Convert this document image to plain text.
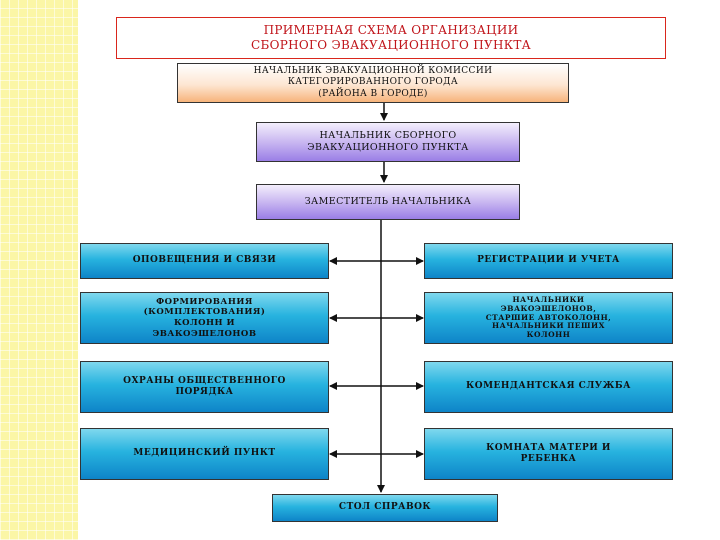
ПРИМЕРНАЯ СХЕМА ОРГАНИЗАЦИИ
СБОРНОГО ЭВАКУАЦИОННОГО ПУНКТА
НАЧАЛЬНИК ЭВАКУАЦИОННОЙ КОМИССИИ
КАТЕГОРИРОВАННОГО ГОРОДА
(РАЙОНА В ГОРОДЕ)
НАЧАЛЬНИК СБОРНОГО
ЭВАКУАЦИОННОГО ПУНКТА
ЗАМЕСТИТЕЛЬ НАЧАЛЬНИКА
ОПОВЕЩЕНИЯ И СВЯЗИ
ФОРМИРОВАНИЯ
(КОМПЛЕКТОВАНИЯ)
КОЛОНН И
ЭВАКОЭШЕЛОНОВ
ОХРАНЫ ОБЩЕСТВЕННОГО
ПОРЯДКА
МЕДИЦИНСКИЙ ПУНКТ
РЕГИСТРАЦИИ И УЧЕТА
НАЧАЛЬНИКИ
ЭВАКОЭШЕЛОНОВ,
СТАРШИЕ АВТОКОЛОНН,
НАЧАЛЬНИКИ ПЕШИХ
КОЛОНН
КОМЕНДАНТСКАЯ СЛУЖБА
КОМНАТА МАТЕРИ И
РЕБЕНКА
СТОЛ СПРАВОК
